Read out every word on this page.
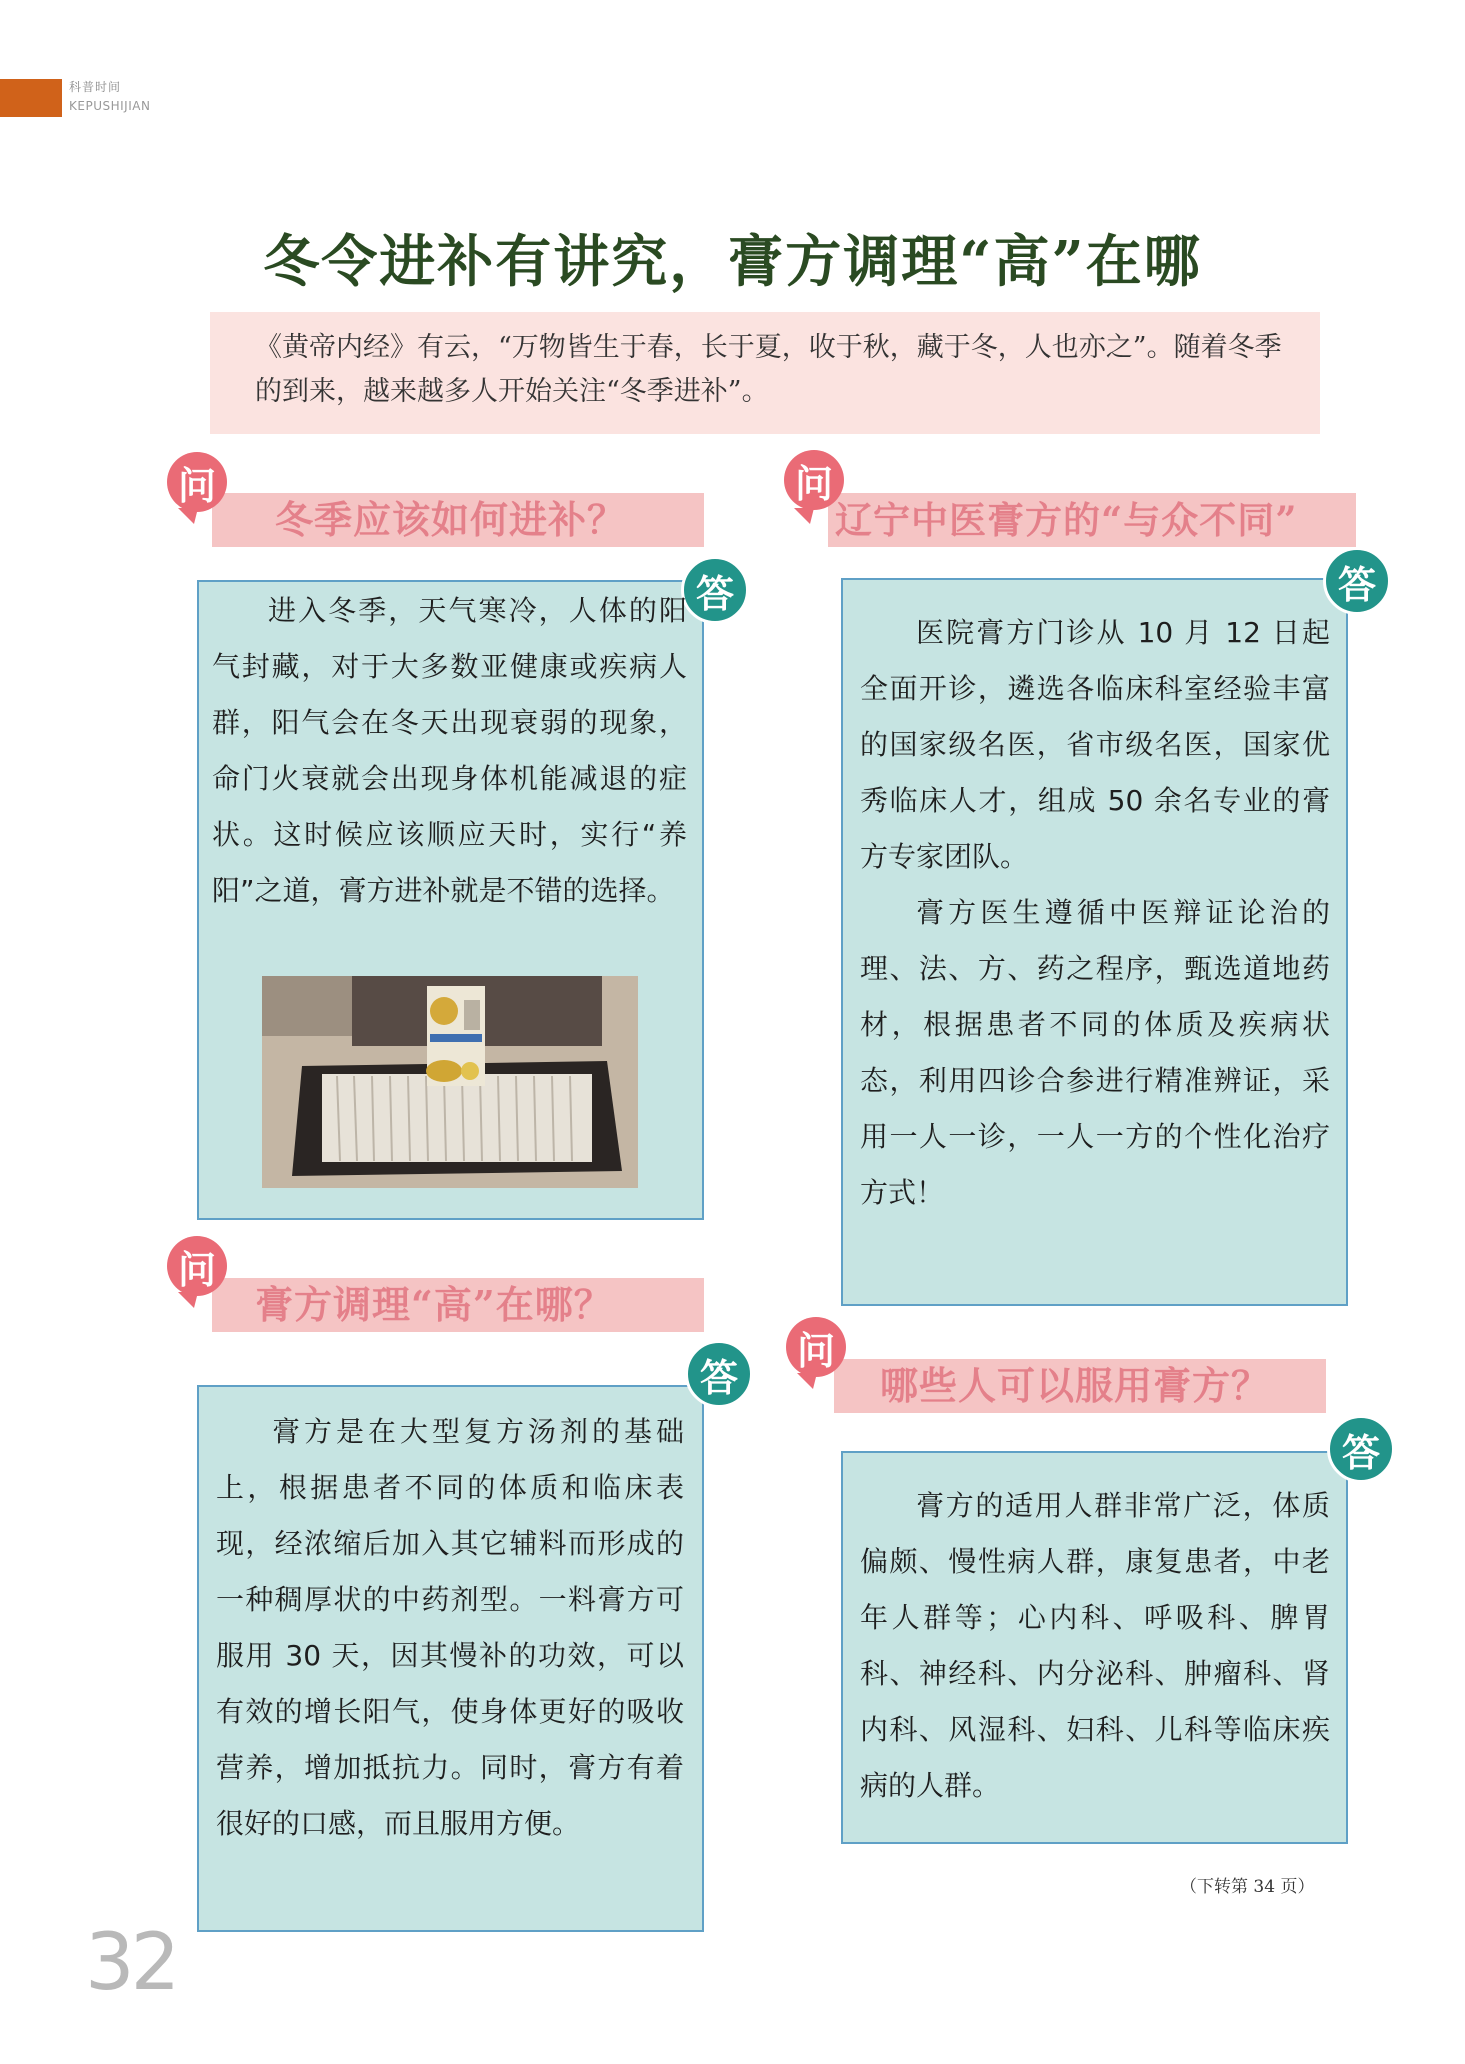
科普时间
KEPUSHIJIAN
冬令进补有讲究，膏方调理“高”在哪
《黄帝内经》有云，“万物皆生于春，长于夏，收于秋，藏于冬，人也亦之”。随着冬季的到来，越来越多人开始关注“冬季进补”。
问
冬季应该如何进补？
答

进入冬季，天气寒冷，人体的阳气封藏，对于大多数亚健康或疾病人群，阳气会在冬天出现衰弱的现象，命门火衰就会出现身体机能减退的症状。这时候应该顺应天时，实行“养阳”之道，膏方进补就是不错的选择。

问
辽宁中医膏方的“与众不同”
答

医院膏方门诊从 10 月 12 日起全面开诊，遴选各临床科室经验丰富的国家级名医，省市级名医，国家优秀临床人才，组成 50 余名专业的膏方专家团队。

膏方医生遵循中医辩证论治的理、法、方、药之程序，甄选道地药材，根据患者不同的体质及疾病状态，利用四诊合参进行精准辨证，采用一人一诊，一人一方的个性化治疗方式！

问
膏方调理“高”在哪？
答

膏方是在大型复方汤剂的基础上，根据患者不同的体质和临床表现，经浓缩后加入其它辅料而形成的一种稠厚状的中药剂型。一料膏方可服用 30 天，因其慢补的功效，可以有效的增长阳气，使身体更好的吸收营养，增加抵抗力。同时，膏方有着很好的口感，而且服用方便。

问
哪些人可以服用膏方？
答

膏方的适用人群非常广泛，体质偏颇、慢性病人群，康复患者，中老年人群等；心内科、呼吸科、脾胃科、神经科、内分泌科、肿瘤科、肾内科、风湿科、妇科、儿科等临床疾病的人群。

（下转第 34 页）
32
